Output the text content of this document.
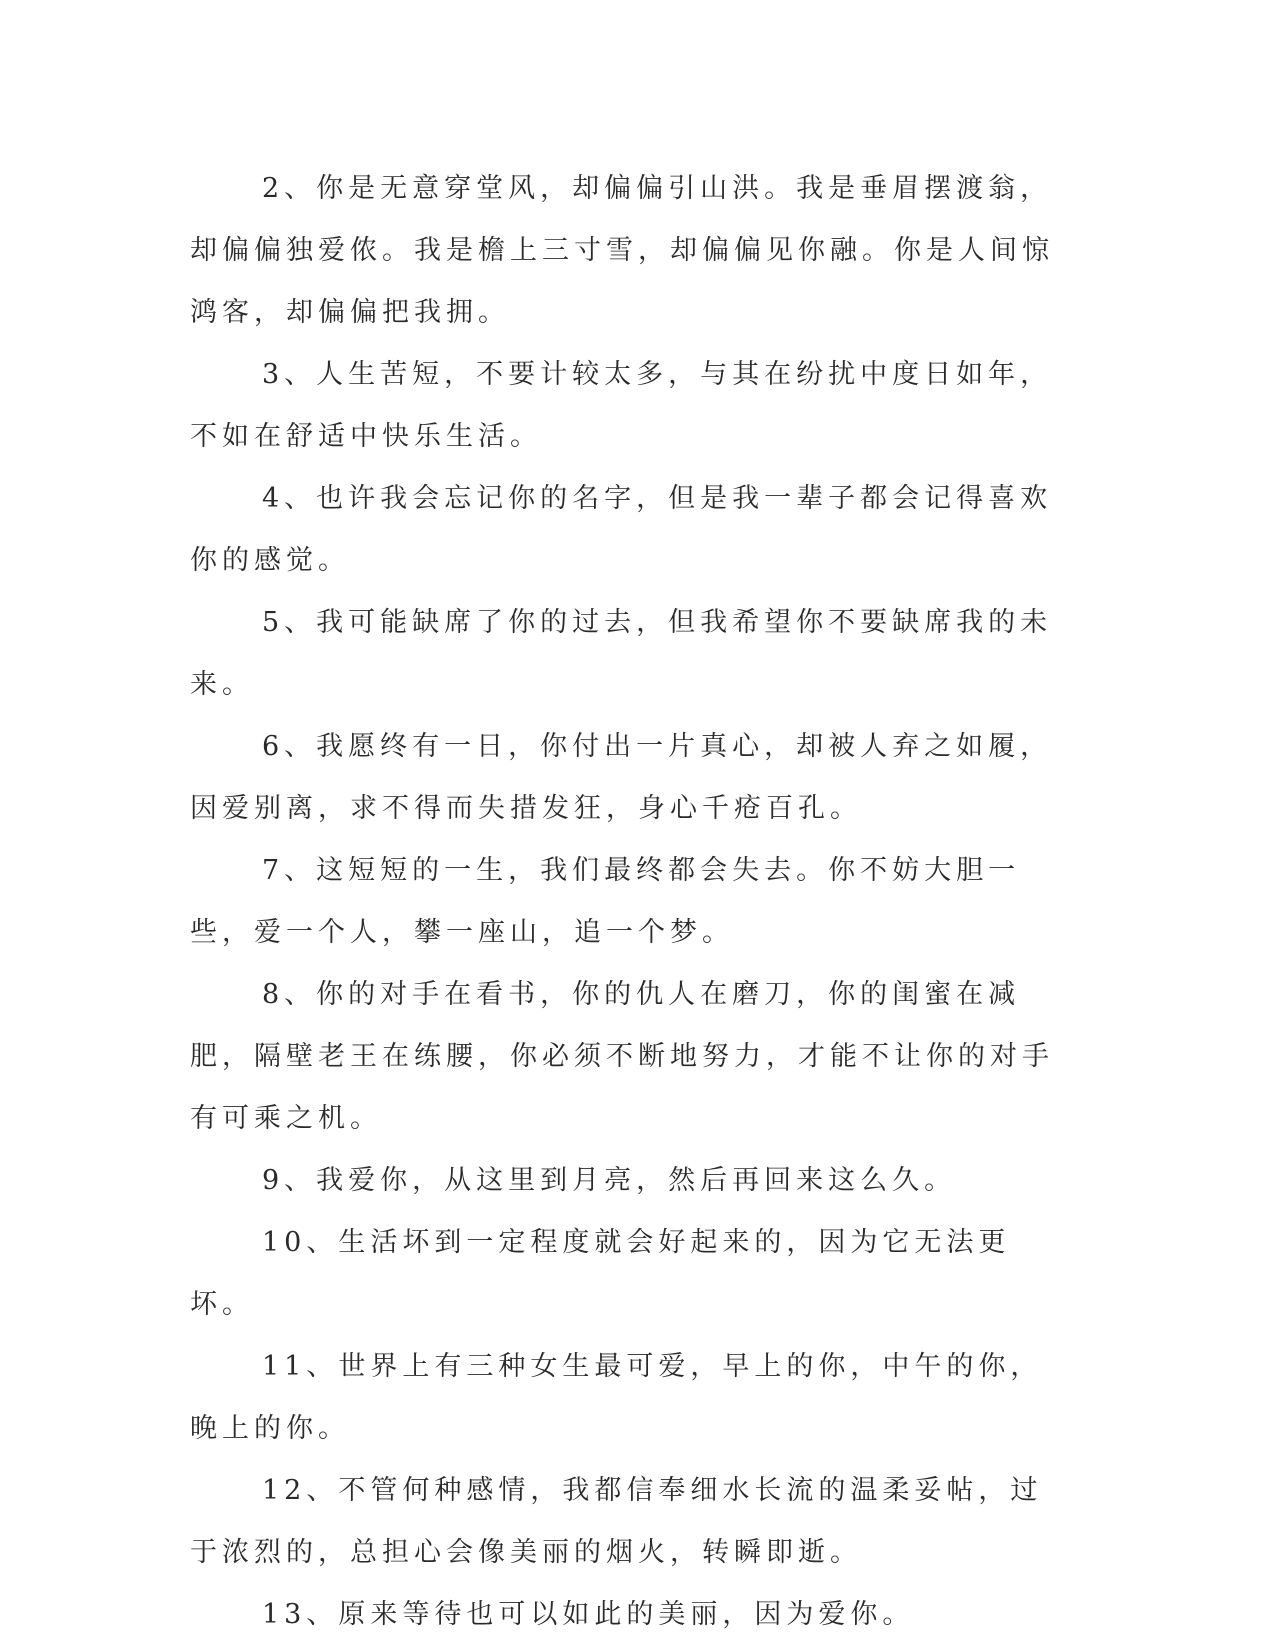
2、你是无意穿堂风，却偏偏引山洪。我是垂眉摆渡翁，却偏偏独爱侬。我是檐上三寸雪，却偏偏见你融。你是人间惊鸿客，却偏偏把我拥。

3、人生苦短，不要计较太多，与其在纷扰中度日如年，不如在舒适中快乐生活。

4、也许我会忘记你的名字，但是我一辈子都会记得喜欢你的感觉。

5、我可能缺席了你的过去，但我希望你不要缺席我的未来。

6、我愿终有一日，你付出一片真心，却被人弃之如履，因爱别离，求不得而失措发狂，身心千疮百孔。

7、这短短的一生，我们最终都会失去。你不妨大胆一些，爱一个人，攀一座山，追一个梦。

8、你的对手在看书，你的仇人在磨刀，你的闺蜜在减肥，隔壁老王在练腰，你必须不断地努力，才能不让你的对手有可乘之机。

9、我爱你，从这里到月亮，然后再回来这么久。

10、生活坏到一定程度就会好起来的，因为它无法更坏。

11、世界上有三种女生最可爱，早上的你，中午的你，晚上的你。

12、不管何种感情，我都信奉细水长流的温柔妥帖，过于浓烈的，总担心会像美丽的烟火，转瞬即逝。

13、原来等待也可以如此的美丽，因为爱你。
